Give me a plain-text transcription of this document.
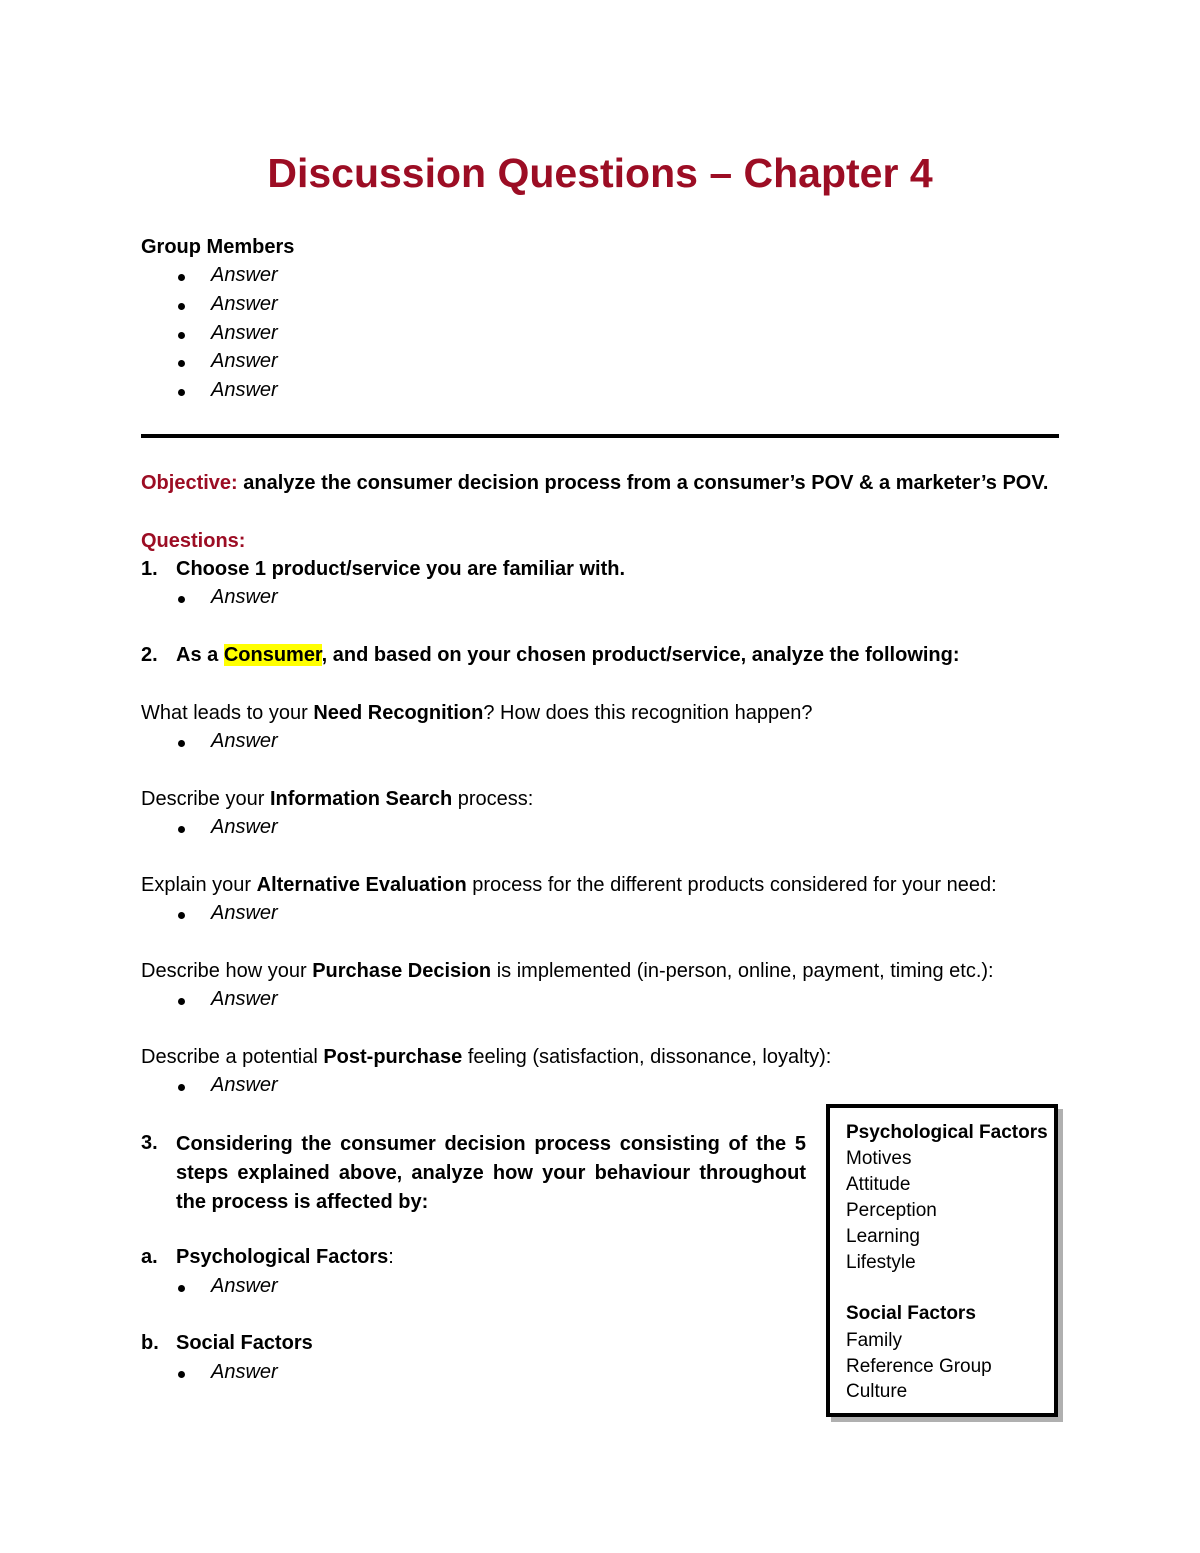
Discussion Questions – Chapter 4
Group Members
Answer
Answer
Answer
Answer
Answer
Objective: analyze the consumer decision process from a consumer’s POV & a marketer’s POV.
Questions:
1. Choose 1 product/service you are familiar with.
Answer
2. As a Consumer, and based on your chosen product/service, analyze the following:
What leads to your Need Recognition? How does this recognition happen?
Answer
Describe your Information Search process:
Answer
Explain your Alternative Evaluation process for the different products considered for your need:
Answer
Describe how your Purchase Decision is implemented (in-person, online, payment, timing etc.):
Answer
Describe a potential Post-purchase feeling (satisfaction, dissonance, loyalty):
Answer
3. Considering the consumer decision process consisting of the 5 steps explained above, analyze how your behaviour throughout the process is affected by:
a. Psychological Factors:
Answer
b. Social Factors
Answer
Psychological Factors
Motives
Attitude
Perception
Learning
Lifestyle
Social Factors
Family
Reference Group
Culture
